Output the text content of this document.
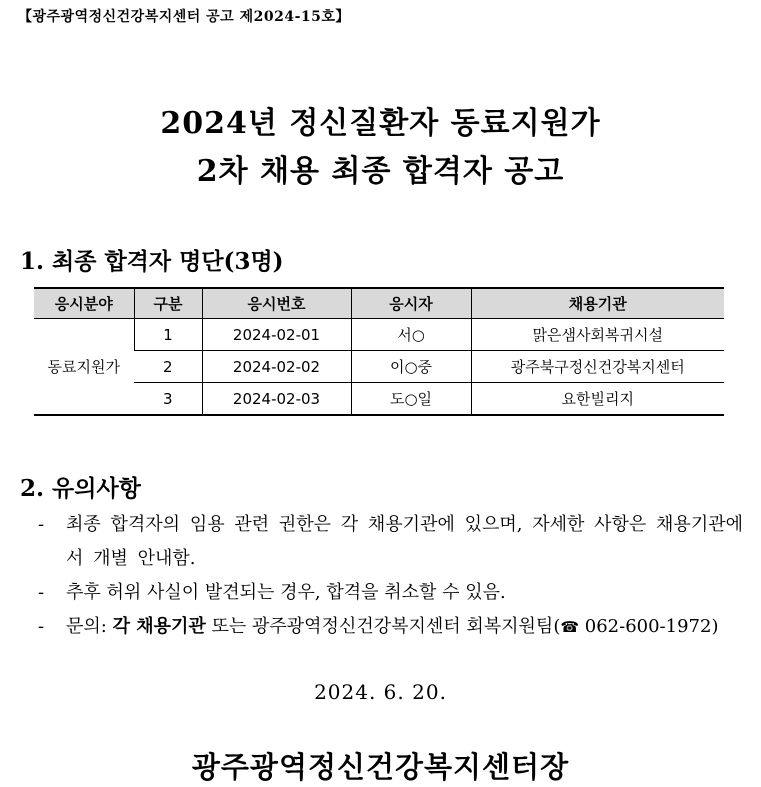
【광주광역정신건강복지센터 공고 제2024-15호】
2024년 정신질환자 동료지원가
2차 채용 최종 합격자 공고
1. 최종 합격자 명단(3명)
응시분야	구분	응시번호	응시자	채용기관
동료지원가	1	2024-02-01	서○	맑은샘사회복귀시설
	2	2024-02-02	이○중	광주북구정신건강복지센터
	3	2024-02-03	도○일	요한빌리지
2. 유의사항
- 최종 합격자의 임용 관련 권한은 각 채용기관에 있으며, 자세한 사항은 채용기관에서 개별 안내함.
- 추후 허위 사실이 발견되는 경우, 합격을 취소할 수 있음.
- 문의: 각 채용기관 또는 광주광역정신건강복지센터 회복지원팀(☎ 062-600-1972)
2024. 6. 20.
광주광역정신건강복지센터장
